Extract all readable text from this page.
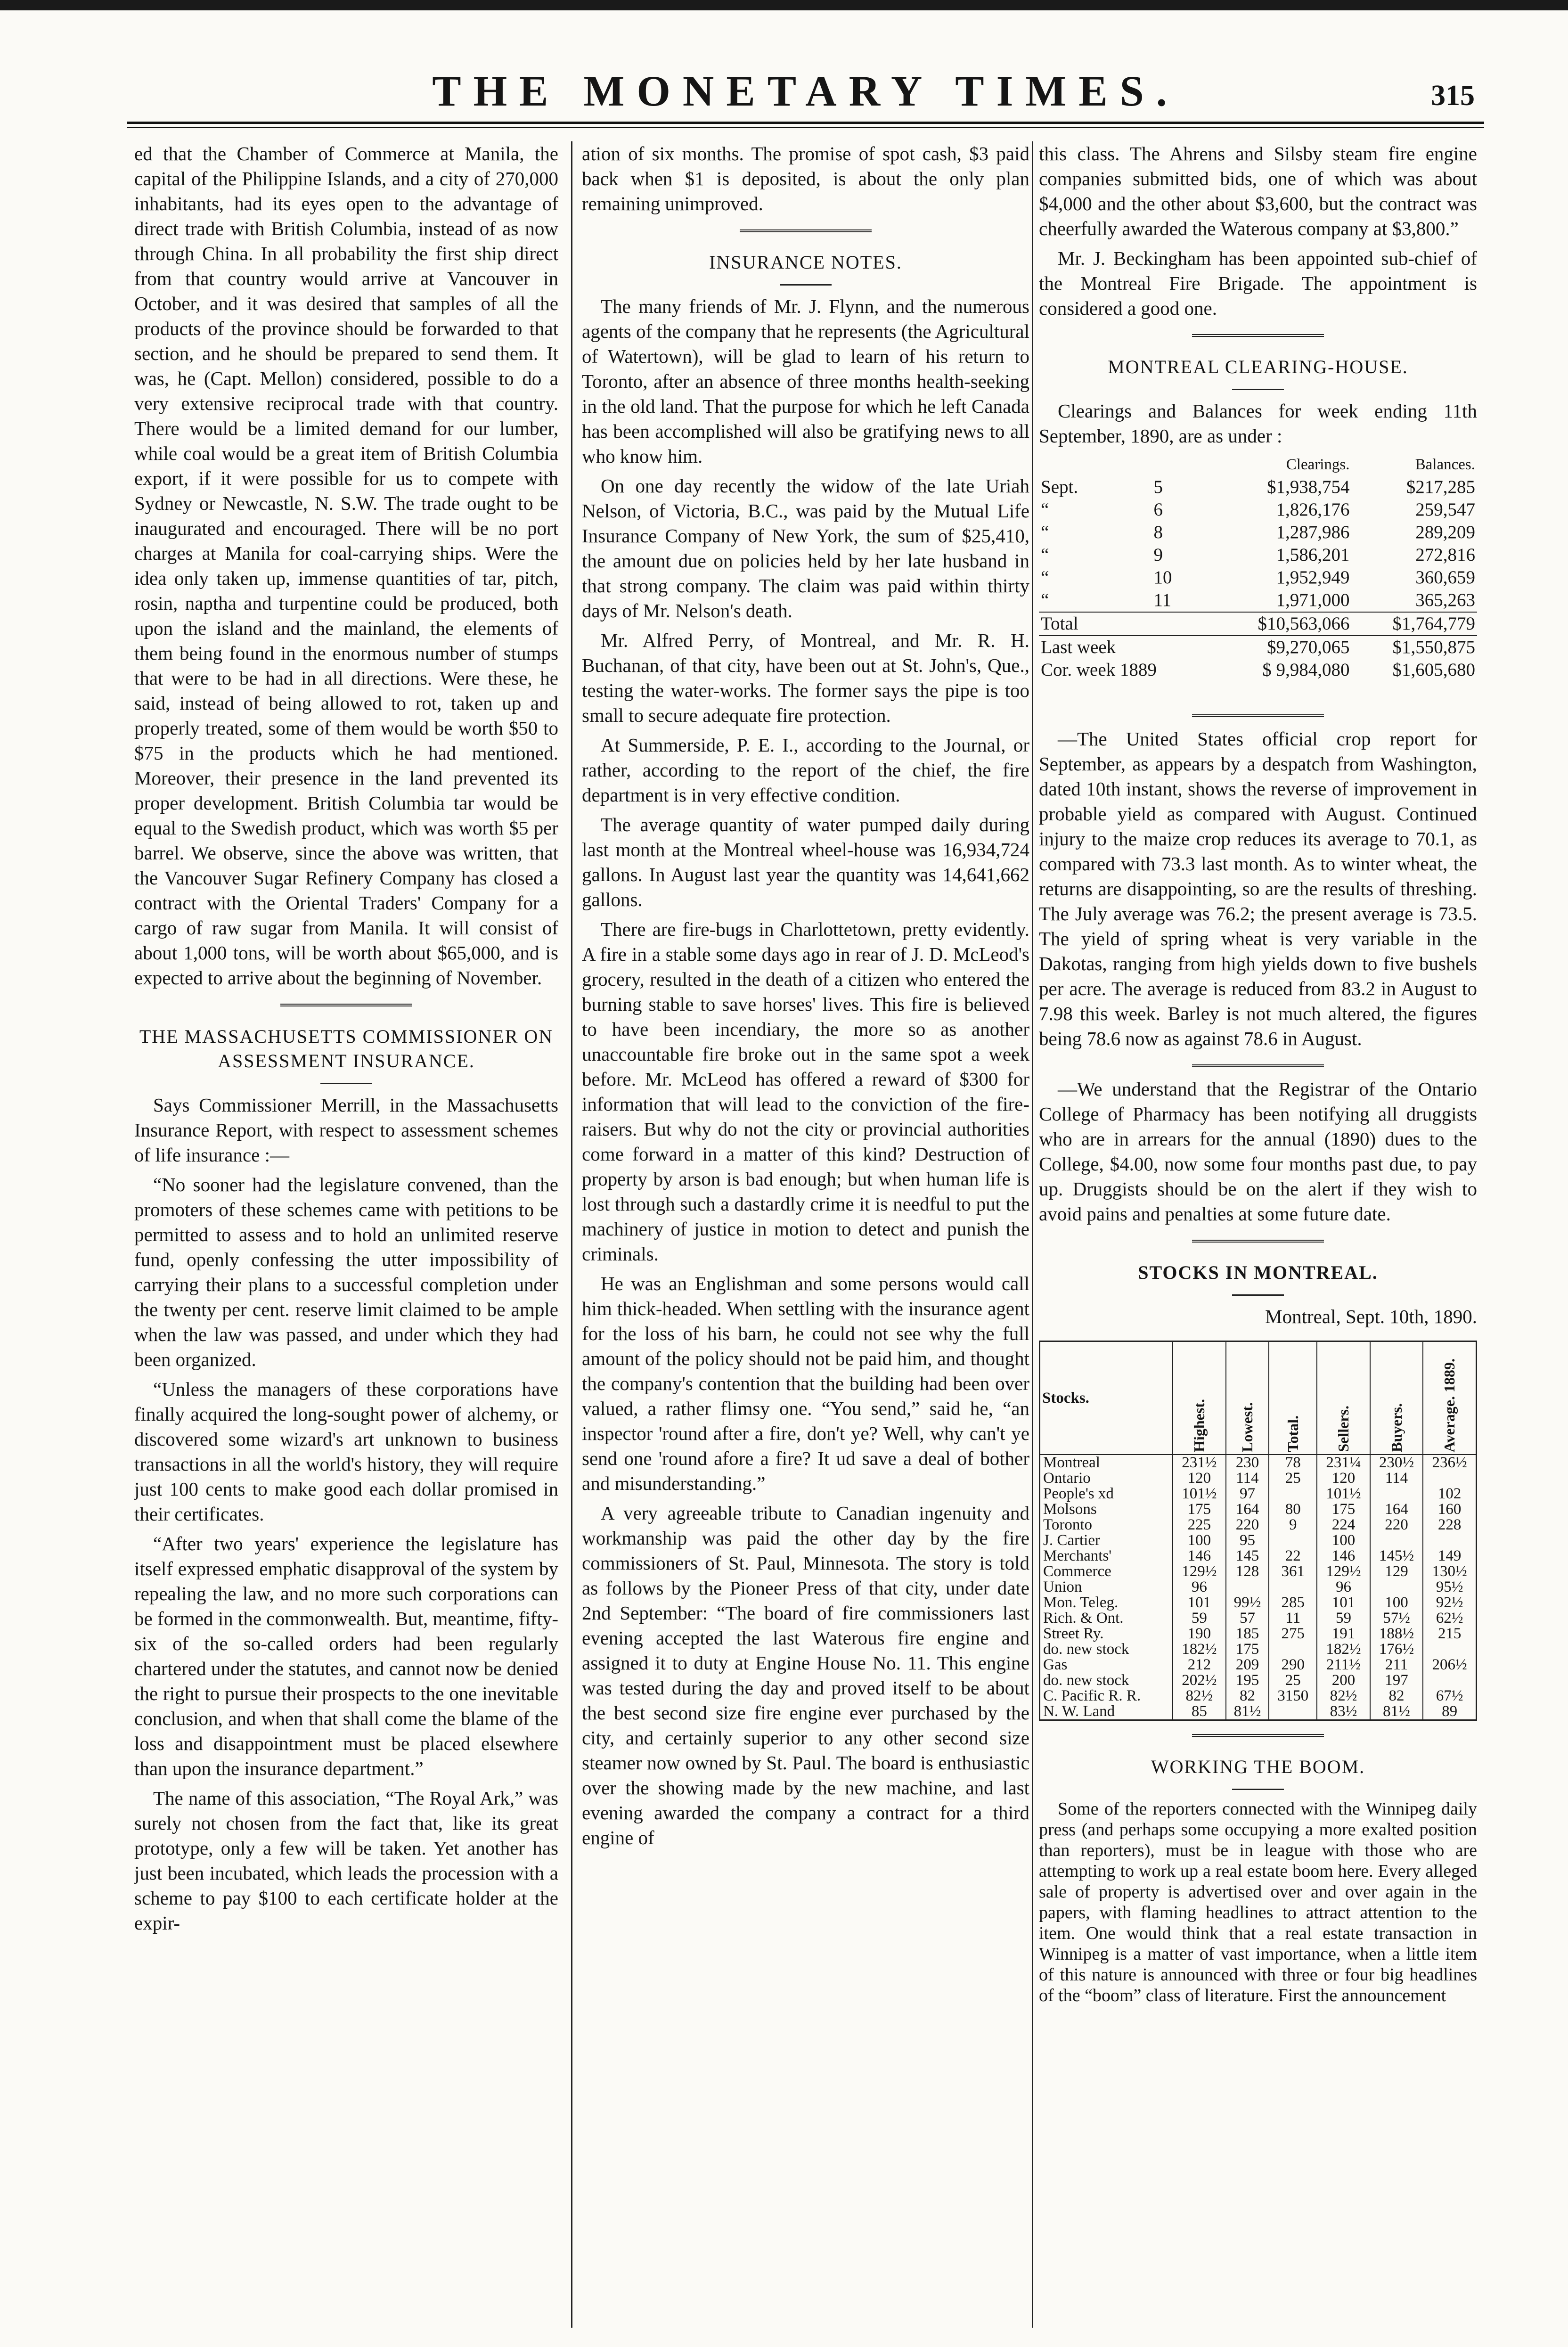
THE MONETARY TIMES.	315

ed that the Chamber of Commerce at Manila, the capital of the Philippine Islands, and a city of 270,000 inhabitants, had its eyes open to the advantage of direct trade with British Columbia, instead of as now through China. In all probability the first ship direct from that country would arrive at Vancouver in October, and it was desired that samples of all the products of the province should be forwarded to that section, and he should be prepared to send them. It was, he (Capt. Mellon) considered, possible to do a very extensive reciprocal trade with that country. There would be a limited demand for our lumber, while coal would be a great item of British Columbia export, if it were possible for us to compete with Sydney or Newcastle, N. S.W. The trade ought to be inaugurated and encouraged. There will be no port charges at Manila for coal-carrying ships. Were the idea only taken up, immense quantities of tar, pitch, rosin, naptha and turpentine could be produced, both upon the island and the mainland, the elements of them being found in the enormous number of stumps that were to be had in all directions. Were these, he said, instead of being allowed to rot, taken up and properly treated, some of them would be worth $50 to $75 in the products which he had mentioned. Moreover, their presence in the land prevented its proper development. British Columbia tar would be equal to the Swedish product, which was worth $5 per barrel. We observe, since the above was written, that the Vancouver Sugar Refinery Company has closed a contract with the Oriental Traders' Company for a cargo of raw sugar from Manila. It will consist of about 1,000 tons, will be worth about $65,000, and is expected to arrive about the beginning of November.

THE MASSACHUSETTS COMMISSIONER ON ASSESSMENT INSURANCE.

Says Commissioner Merrill, in the Massachusetts Insurance Report, with respect to assessment schemes of life insurance :—

“No sooner had the legislature convened, than the promoters of these schemes came with petitions to be permitted to assess and to hold an unlimited reserve fund, openly confessing the utter impossibility of carrying their plans to a successful completion under the twenty per cent. reserve limit claimed to be ample when the law was passed, and under which they had been organized.

“Unless the managers of these corporations have finally acquired the long-sought power of alchemy, or discovered some wizard's art unknown to business transactions in all the world's history, they will require just 100 cents to make good each dollar promised in their certificates.

“After two years' experience the legislature has itself expressed emphatic disapproval of the system by repealing the law, and no more such corporations can be formed in the commonwealth. But, meantime, fifty-six of the so-called orders had been regularly chartered under the statutes, and cannot now be denied the right to pursue their prospects to the one inevitable conclusion, and when that shall come the blame of the loss and disappointment must be placed elsewhere than upon the insurance department.”

The name of this association, “The Royal Ark,” was surely not chosen from the fact that, like its great prototype, only a few will be taken. Yet another has just been incubated, which leads the procession with a scheme to pay $100 to each certificate holder at the expir-

ation of six months. The promise of spot cash, $3 paid back when $1 is deposited, is about the only plan remaining unimproved.

INSURANCE NOTES.

The many friends of Mr. J. Flynn, and the numerous agents of the company that he represents (the Agricultural of Watertown), will be glad to learn of his return to Toronto, after an absence of three months health-seeking in the old land. That the purpose for which he left Canada has been accomplished will also be gratifying news to all who know him.

On one day recently the widow of the late Uriah Nelson, of Victoria, B.C., was paid by the Mutual Life Insurance Company of New York, the sum of $25,410, the amount due on policies held by her late husband in that strong company. The claim was paid within thirty days of Mr. Nelson's death.

Mr. Alfred Perry, of Montreal, and Mr. R. H. Buchanan, of that city, have been out at St. John's, Que., testing the water-works. The former says the pipe is too small to secure adequate fire protection.

At Summerside, P. E. I., according to the Journal, or rather, according to the report of the chief, the fire department is in very effective condition.

The average quantity of water pumped daily during last month at the Montreal wheel-house was 16,934,724 gallons. In August last year the quantity was 14,641,662 gallons.

There are fire-bugs in Charlottetown, pretty evidently. A fire in a stable some days ago in rear of J. D. McLeod's grocery, resulted in the death of a citizen who entered the burning stable to save horses' lives. This fire is believed to have been incendiary, the more so as another unaccountable fire broke out in the same spot a week before. Mr. McLeod has offered a reward of $300 for information that will lead to the conviction of the fire-raisers. But why do not the city or provincial authorities come forward in a matter of this kind? Destruction of property by arson is bad enough; but when human life is lost through such a dastardly crime it is needful to put the machinery of justice in motion to detect and punish the criminals.

He was an Englishman and some persons would call him thick-headed. When settling with the insurance agent for the loss of his barn, he could not see why the full amount of the policy should not be paid him, and thought the company's contention that the building had been over valued, a rather flimsy one. “You send,” said he, “an inspector 'round after a fire, don't ye? Well, why can't ye send one 'round afore a fire? It ud save a deal of bother and misunderstanding.”

A very agreeable tribute to Canadian ingenuity and workmanship was paid the other day by the fire commissioners of St. Paul, Minnesota. The story is told as follows by the Pioneer Press of that city, under date 2nd September: “The board of fire commissioners last evening accepted the last Waterous fire engine and assigned it to duty at Engine House No. 11. This engine was tested during the day and proved itself to be about the best second size fire engine ever purchased by the city, and certainly superior to any other second size steamer now owned by St. Paul. The board is enthusiastic over the showing made by the new machine, and last evening awarded the company a contract for a third engine of

this class. The Ahrens and Silsby steam fire engine companies submitted bids, one of which was about $4,000 and the other about $3,600, but the contract was cheerfully awarded the Waterous company at $3,800.”

Mr. J. Beckingham has been appointed sub-chief of the Montreal Fire Brigade. The appointment is considered a good one.

MONTREAL CLEARING-HOUSE.

Clearings and Balances for week ending 11th September, 1890, are as under :

		Clearings.	Balances.
Sept.	5	$1,938,754	$217,285
“	6	1,826,176	259,547
“	8	1,287,986	289,209
“	9	1,586,201	272,816
“	10	1,952,949	360,659
“	11	1,971,000	365,263
Total		$10,563,066	$1,764,779
Last week		$9,270,065	$1,550,875
Cor. week 1889		$ 9,984,080	$1,605,680

—The United States official crop report for September, as appears by a despatch from Washington, dated 10th instant, shows the reverse of improvement in probable yield as compared with August. Continued injury to the maize crop reduces its average to 70.1, as compared with 73.3 last month. As to winter wheat, the returns are disappointing, so are the results of threshing. The July average was 76.2; the present average is 73.5. The yield of spring wheat is very variable in the Dakotas, ranging from high yields down to five bushels per acre. The average is reduced from 83.2 in August to 7.98 this week. Barley is not much altered, the figures being 78.6 now as against 78.6 in August.

—We understand that the Registrar of the Ontario College of Pharmacy has been notifying all druggists who are in arrears for the annual (1890) dues to the College, $4.00, now some four months past due, to pay up. Druggists should be on the alert if they wish to avoid pains and penalties at some future date.

STOCKS IN MONTREAL.
Montreal, Sept. 10th, 1890.
Stocks.	Highest.	Lowest.	Total.	Sellers.	Buyers.	Average. 1889.

Montreal	231½	230	78	231¼	230½	236½
Ontario	120	114	25	120	114	
People's xd	101½	97		101½		102
Molsons	175	164	80	175	164	160
Toronto	225	220	9	224	220	228
J. Cartier	100	95		100		
Merchants'	146	145	22	146	145½	149
Commerce	129½	128	361	129½	129	130½
Union	96			96		95½
Mon. Teleg.	101	99½	285	101	100	92½
Rich. & Ont.	59	57	11	59	57½	62½
Street Ry.	190	185	275	191	188½	215
do. new stock	182½	175		182½	176½	
Gas	212	209	290	211½	211	206½
do. new stock	202½	195	25	200	197	
C. Pacific R. R.	82½	82	3150	82½	82	67½
N. W. Land	85	81½		83½	81½	89
WORKING THE BOOM.

Some of the reporters connected with the Winnipeg daily press (and perhaps some occupying a more exalted position than reporters), must be in league with those who are attempting to work up a real estate boom here. Every alleged sale of property is advertised over and over again in the papers, with flaming headlines to attract attention to the item. One would think that a real estate transaction in Winnipeg is a matter of vast importance, when a little item of this nature is announced with three or four big headlines of the “boom” class of literature. First the announcement
